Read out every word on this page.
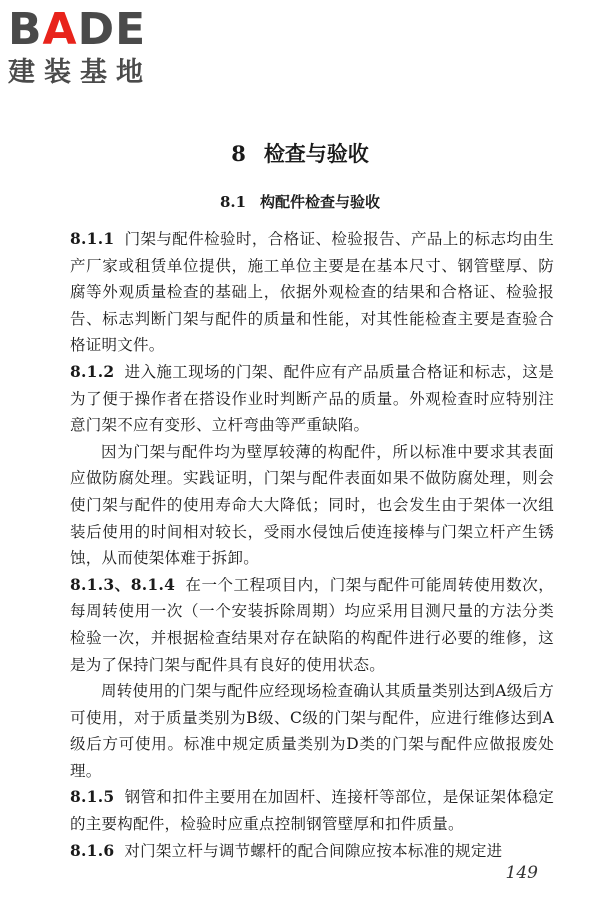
BADE
建装基地
8 检查与验收
8.1 构配件检查与验收

8.1.1 门架与配件检验时，合格证、检验报告、产品上的标志均由生产厂家或租赁单位提供，施工单位主要是在基本尺寸、钢管壁厚、防腐等外观质量检查的基础上，依据外观检查的结果和合格证、检验报告、标志判断门架与配件的质量和性能，对其性能检查主要是查验合格证明文件。

8.1.2 进入施工现场的门架、配件应有产品质量合格证和标志，这是为了便于操作者在搭设作业时判断产品的质量。外观检查时应特别注意门架不应有变形、立杆弯曲等严重缺陷。

因为门架与配件均为壁厚较薄的构配件，所以标准中要求其表面应做防腐处理。实践证明，门架与配件表面如果不做防腐处理，则会使门架与配件的使用寿命大大降低；同时，也会发生由于架体一次组装后使用的时间相对较长，受雨水侵蚀后使连接棒与门架立杆产生锈蚀，从而使架体难于拆卸。

8.1.3、8.1.4 在一个工程项目内，门架与配件可能周转使用数次，每周转使用一次（一个安装拆除周期）均应采用目测尺量的方法分类检验一次，并根据检查结果对存在缺陷的构配件进行必要的维修，这是为了保持门架与配件具有良好的使用状态。

周转使用的门架与配件应经现场检查确认其质量类别达到A级后方可使用，对于质量类别为B级、C级的门架与配件，应进行维修达到A级后方可使用。标准中规定质量类别为D类的门架与配件应做报废处理。

8.1.5 钢管和扣件主要用在加固杆、连接杆等部位，是保证架体稳定的主要构配件，检验时应重点控制钢管壁厚和扣件质量。

8.1.6 对门架立杆与调节螺杆的配合间隙应按本标准的规定进

149
